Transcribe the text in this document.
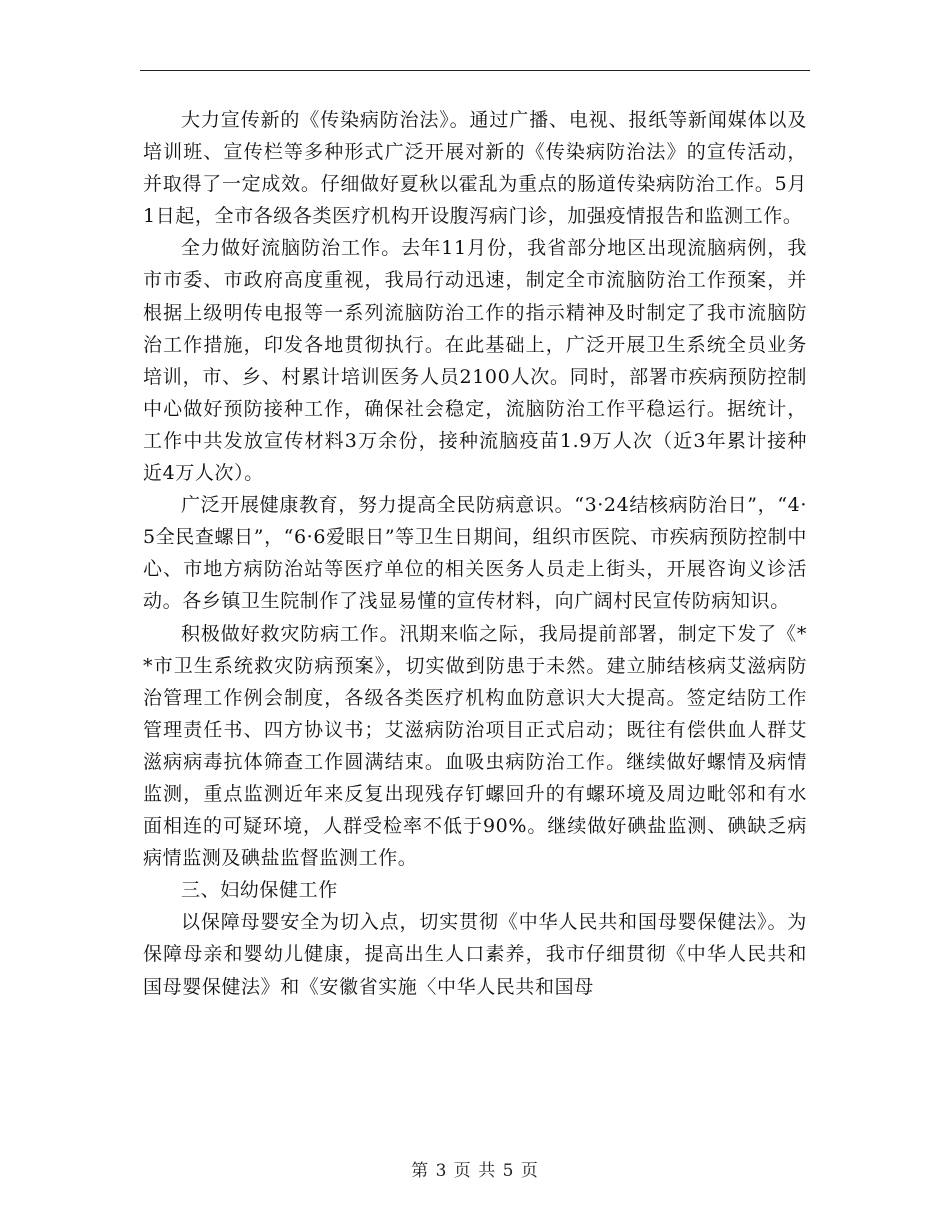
大力宣传新的《传染病防治法》。通过广播、电视、报纸等新闻媒体以及培训班、宣传栏等多种形式广泛开展对新的《传染病防治法》的宣传活动，并取得了一定成效。仔细做好夏秋以霍乱为重点的肠道传染病防治工作。5月1日起，全市各级各类医疗机构开设腹泻病门诊，加强疫情报告和监测工作。

全力做好流脑防治工作。去年11月份，我省部分地区出现流脑病例，我市市委、市政府高度重视，我局行动迅速，制定全市流脑防治工作预案，并根据上级明传电报等一系列流脑防治工作的指示精神及时制定了我市流脑防治工作措施，印发各地贯彻执行。在此基础上，广泛开展卫生系统全员业务培训，市、乡、村累计培训医务人员2100人次。同时，部署市疾病预防控制中心做好预防接种工作，确保社会稳定，流脑防治工作平稳运行。据统计，工作中共发放宣传材料3万余份，接种流脑疫苗1.9万人次（近3年累计接种近4万人次）。

广泛开展健康教育，努力提高全民防病意识。“3·24结核病防治日”，“4·5全民查螺日”，“6·6爱眼日”等卫生日期间，组织市医院、市疾病预防控制中心、市地方病防治站等医疗单位的相关医务人员走上街头，开展咨询义诊活动。各乡镇卫生院制作了浅显易懂的宣传材料，向广阔村民宣传防病知识。

积极做好救灾防病工作。汛期来临之际，我局提前部署，制定下发了《**市卫生系统救灾防病预案》，切实做到防患于未然。建立肺结核病艾滋病防治管理工作例会制度，各级各类医疗机构血防意识大大提高。签定结防工作管理责任书、四方协议书；艾滋病防治项目正式启动；既往有偿供血人群艾滋病病毒抗体筛查工作圆满结束。血吸虫病防治工作。继续做好螺情及病情监测，重点监测近年来反复出现残存钉螺回升的有螺环境及周边毗邻和有水面相连的可疑环境，人群受检率不低于90%。继续做好碘盐监测、碘缺乏病病情监测及碘盐监督监测工作。

三、妇幼保健工作

以保障母婴安全为切入点，切实贯彻《中华人民共和国母婴保健法》。为保障母亲和婴幼儿健康，提高出生人口素养，我市仔细贯彻《中华人民共和国母婴保健法》和《安徽省实施〈中华人民共和国母

第 3 页 共 5 页
